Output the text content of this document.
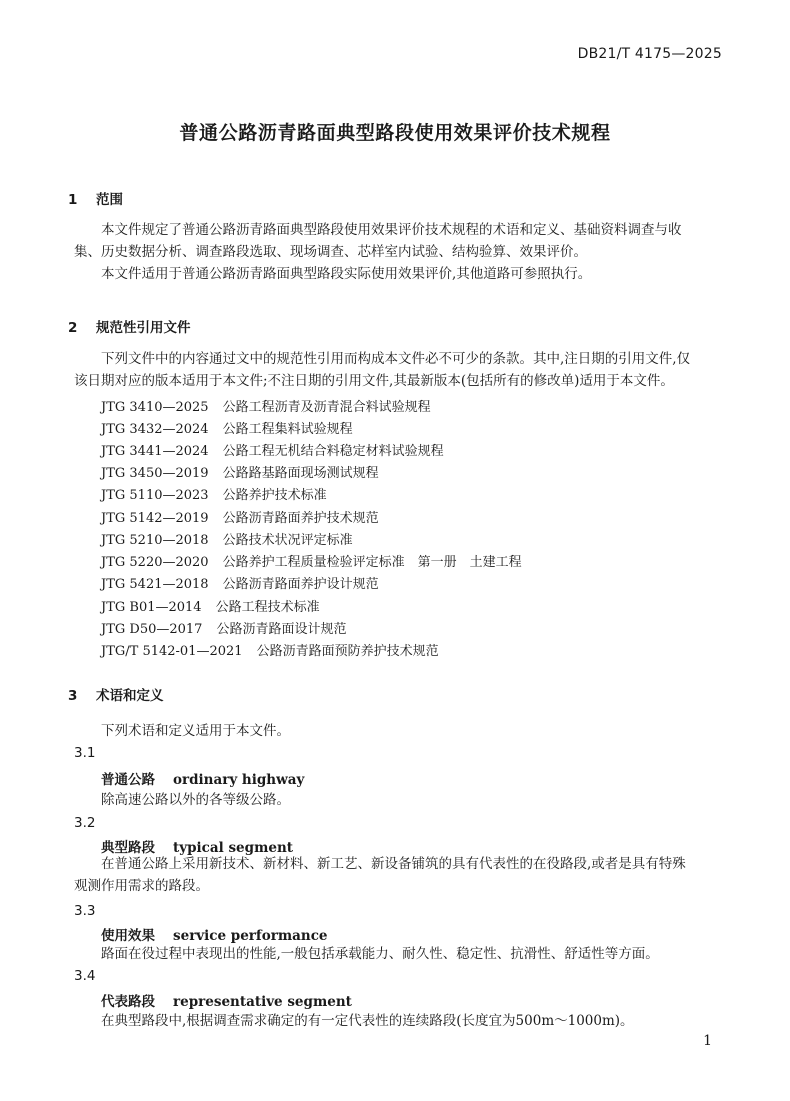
DB21/T 4175—2025
普通公路沥青路面典型路段使用效果评价技术规程
1 范围
本文件规定了普通公路沥青路面典型路段使用效果评价技术规程的术语和定义、基础资料调查与收集、历史数据分析、调查路段选取、现场调查、芯样室内试验、结构验算、效果评价。
本文件适用于普通公路沥青路面典型路段实际使用效果评价,其他道路可参照执行。
2 规范性引用文件
下列文件中的内容通过文中的规范性引用而构成本文件必不可少的条款。其中,注日期的引用文件,仅该日期对应的版本适用于本文件;不注日期的引用文件,其最新版本(包括所有的修改单)适用于本文件。
JTG 3410—2025 公路工程沥青及沥青混合料试验规程
JTG 3432—2024 公路工程集料试验规程
JTG 3441—2024 公路工程无机结合料稳定材料试验规程
JTG 3450—2019 公路路基路面现场测试规程
JTG 5110—2023 公路养护技术标准
JTG 5142—2019 公路沥青路面养护技术规范
JTG 5210—2018 公路技术状况评定标准
JTG 5220—2020 公路养护工程质量检验评定标准　第一册　土建工程
JTG 5421—2018 公路沥青路面养护设计规范
JTG B01—2014 公路工程技术标准
JTG D50—2017 公路沥青路面设计规范
JTG/T 5142-01—2021 公路沥青路面预防养护技术规范
3 术语和定义
下列术语和定义适用于本文件。
3.1
普通公路 ordinary highway
除高速公路以外的各等级公路。
3.2
典型路段 typical segment
在普通公路上采用新技术、新材料、新工艺、新设备铺筑的具有代表性的在役路段,或者是具有特殊观测作用需求的路段。
3.3
使用效果 service performance
路面在役过程中表现出的性能,一般包括承载能力、耐久性、稳定性、抗滑性、舒适性等方面。
3.4
代表路段 representative segment
在典型路段中,根据调查需求确定的有一定代表性的连续路段(长度宜为500m～1000m)。
1
